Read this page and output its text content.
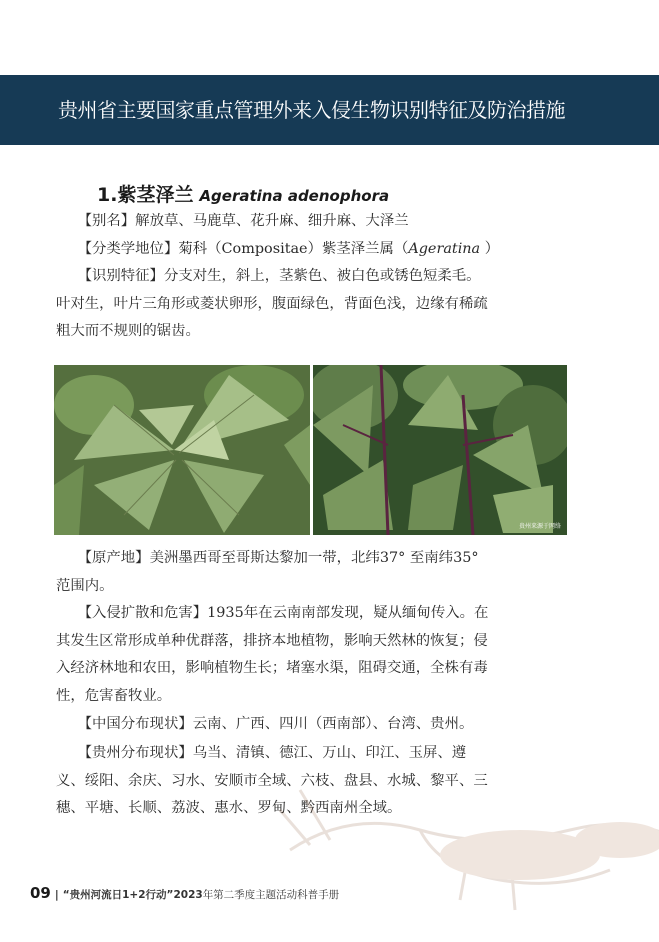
贵州省主要国家重点管理外来入侵生物识别特征及防治措施
1.紫茎泽兰 Ageratina adenophora
　　【别名】解放草、马鹿草、花升麻、细升麻、大泽兰
　　【分类学地位】菊科（Compositae）紫茎泽兰属（Ageratina ）
　　【识别特征】分支对生，斜上，茎紫色、被白色或锈色短柔毛。
叶对生，叶片三角形或菱状卵形，腹面绿色，背面色浅，边缘有稀疏
粗大而不规则的锯齿。
贵州来源于网络
　　【原产地】美洲墨西哥至哥斯达黎加一带，北纬37° 至南纬35°
范围内。
　　【入侵扩散和危害】1935年在云南南部发现，疑从缅甸传入。在
其发生区常形成单种优群落，排挤本地植物，影响天然林的恢复；侵
入经济林地和农田，影响植物生长；堵塞水渠，阻碍交通，全株有毒
性，危害畜牧业。
　　【中国分布现状】云南、广西、四川（西南部）、台湾、贵州。
　　【贵州分布现状】乌当、清镇、德江、万山、印江、玉屏、遵
义、绥阳、余庆、习水、安顺市全域、六枝、盘县、水城、黎平、三
穗、平塘、长顺、荔波、惠水、罗甸、黔西南州全域。
09 | “贵州河流日1+2行动”2023年第二季度主题活动科普手册
